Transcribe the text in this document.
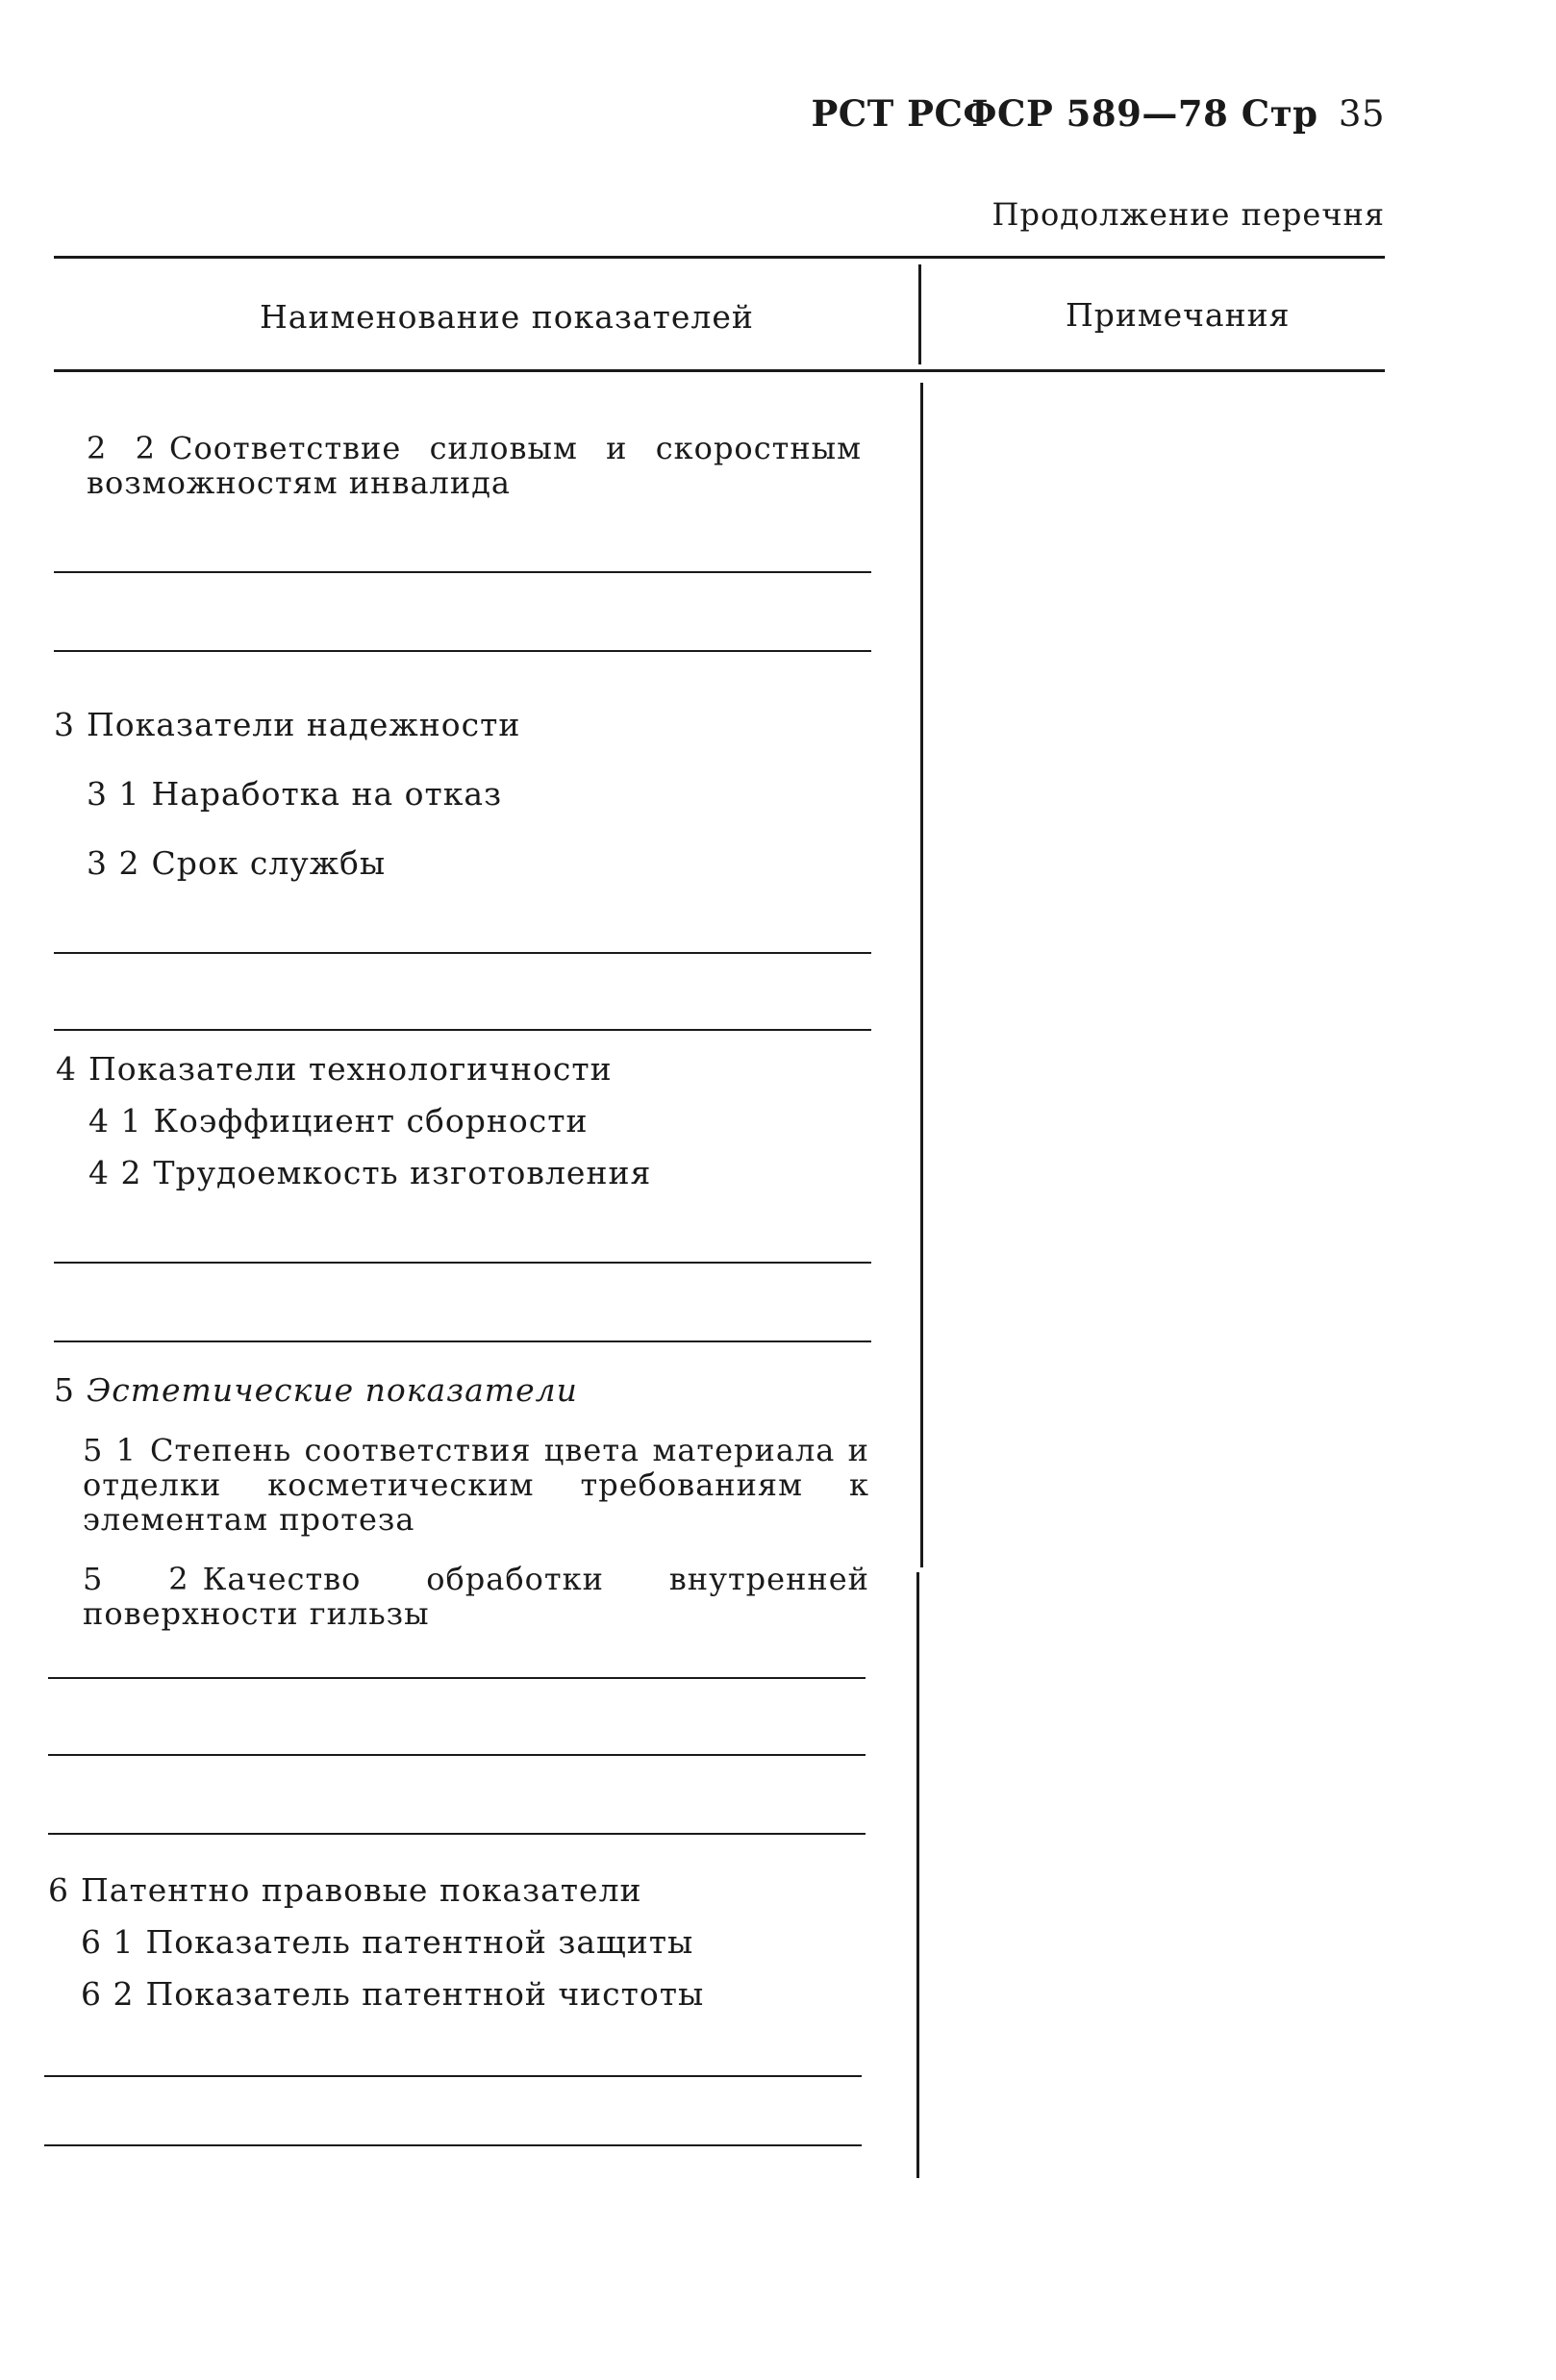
РСТ РСФСР 589—78 Стр 35
Продолжение перечня
Наименование показателей	Примечания
2 2 Соответствие силовым и скоростным возможностям инвалида
3 Показатели надежности
3 1 Наработка на отказ
3 2 Срок службы
4 Показатели технологичности
4 1 Коэффициент сборности
4 2 Трудоемкость изготовления
5 Эстетические показатели
5 1 Степень соответствия цвета материала и отделки косметическим требованиям к элементам протеза
5 2 Качество обработки внутренней поверхности гильзы
6 Патентно правовые показатели
6 1 Показатель патентной защиты
6 2 Показатель патентной чистоты
